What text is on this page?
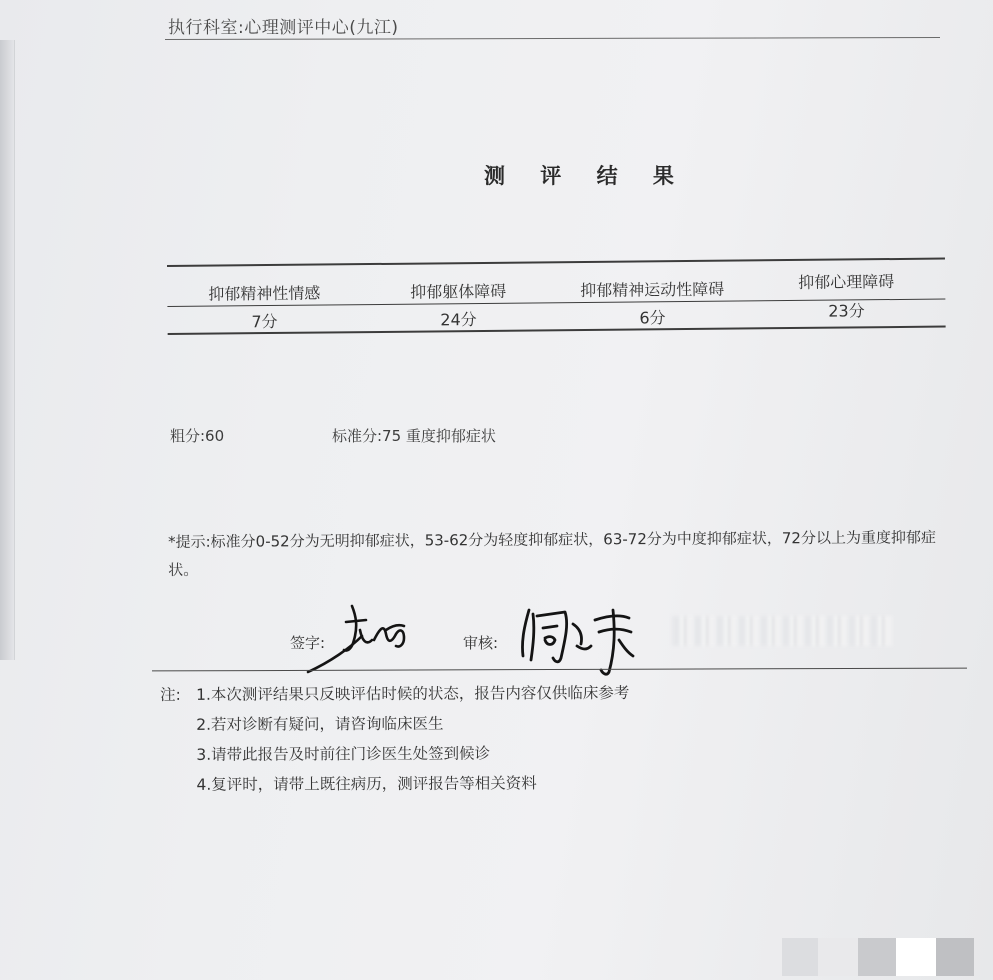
执行科室:心理测评中心(九江)
测 评 结 果
抑郁精神性情感	抑郁躯体障碍	抑郁精神运动性障碍	抑郁心理障碍
7分	24分	6分	23分
粗分:60	标准分:75 重度抑郁症状
*提示:标准分0-52分为无明抑郁症状，53-62分为轻度抑郁症状，63-72分为中度抑郁症状，72分以上为重度抑郁症状。
签字:	审核:
注: 1.本次测评结果只反映评估时候的状态，报告内容仅供临床参考
2.若对诊断有疑问，请咨询临床医生
3.请带此报告及时前往门诊医生处签到候诊
4.复评时，请带上既往病历，测评报告等相关资料
